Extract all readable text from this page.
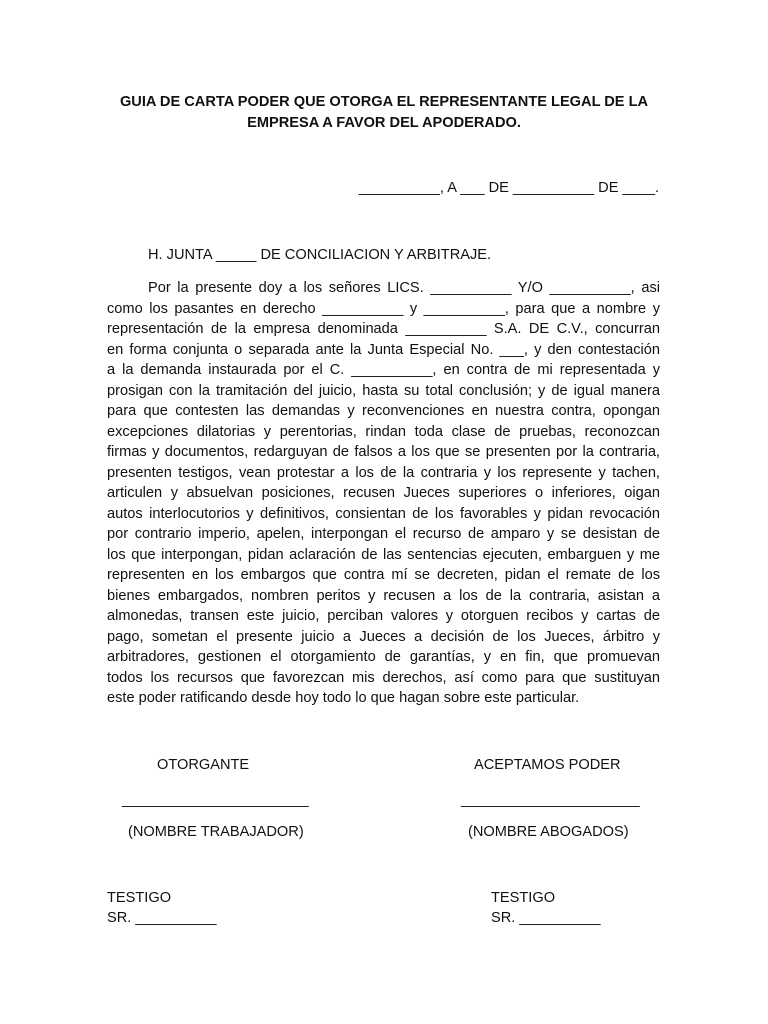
GUIA DE CARTA PODER QUE OTORGA EL REPRESENTANTE LEGAL DE LA
EMPRESA A FAVOR DEL APODERADO.
__________, A ___ DE __________ DE ____.
H. JUNTA _____ DE CONCILIACION Y ARBITRAJE.
Por la presente doy a los señores LICS. __________ Y/O __________, asi
como los pasantes en derecho __________ y __________, para que a nombre y
representación de la empresa denominada __________ S.A. DE C.V., concurran
en forma conjunta o separada ante la Junta Especial No. ___, y den contestación
a la demanda instaurada por el C. __________, en contra de mi representada y
prosigan con la tramitación del juicio, hasta su total conclusión; y de igual manera
para que contesten las demandas y reconvenciones en nuestra contra, opongan
excepciones dilatorias y perentorias, rindan toda clase de pruebas, reconozcan
firmas y documentos, redarguyan de falsos a los que se presenten por la contraria,
presenten testigos, vean protestar a los de la contraria y los represente y tachen,
articulen y absuelvan posiciones, recusen Jueces superiores o inferiores, oigan
autos interlocutorios y definitivos, consientan de los favorables y pidan revocación
por contrario imperio, apelen, interpongan el recurso de amparo y se desistan de
los que interpongan, pidan aclaración de las sentencias ejecuten, embarguen y me
representen en los embargos que contra mí se decreten, pidan el remate de los
bienes embargados, nombren peritos y recusen a los de la contraria, asistan a
almonedas, transen este juicio, perciban valores y otorguen recibos y cartas de
pago, sometan el presente juicio a Jueces a decisión de los Jueces, árbitro y
arbitradores, gestionen el otorgamiento de garantías, y en fin, que promuevan
todos los recursos que favorezcan mis derechos, así como para que sustituyan
este poder ratificando desde hoy todo lo que hagan sobre este particular.
OTORGANTE	ACEPTAMOS PODER
_______________________	______________________
(NOMBRE TRABAJADOR)	(NOMBRE ABOGADOS)
TESTIGO
SR. __________
TESTIGO
SR. __________
